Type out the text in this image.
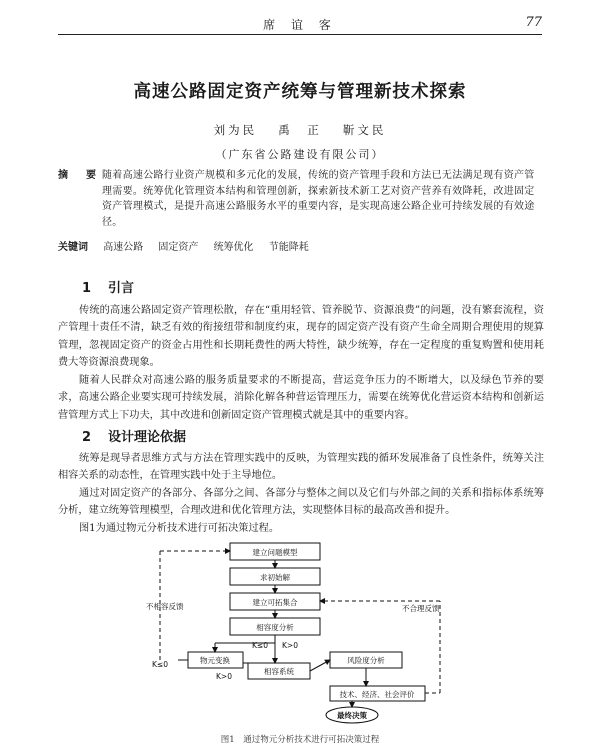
席 谊 客	77
高速公路固定资产统筹与管理新技术探索
刘为民　 禹　正　 靳文民
（广东省公路建设有限公司）
摘　要 随着高速公路行业资产规模和多元化的发展，传统的资产管理手段和方法已无法满足现有资产管理需要。统筹优化管理资本结构和管理创新，探索新技术新工艺对资产营养有效降耗，改进固定资产管理模式，是提升高速公路服务水平的重要内容，是实现高速公路企业可持续发展的有效途径。
关键词 高速公路 固定资产 统筹优化 节能降耗
1 引言

传统的高速公路固定资产管理松散，存在“重用轻管、管养脱节、资源浪费”的问题，没有繁套流程，资产管理十责任不清，缺乏有效的衔接纽带和制度约束，现存的固定资产没有资产生命全周期合理使用的规算管理，忽视固定资产的资金占用性和长期耗费性的两大特性，缺少统筹，存在一定程度的重复购置和使用耗费大等资源浪费现象。

随着人民群众对高速公路的服务质量要求的不断提高，营运竞争压力的不断增大，以及绿色节养的要求，高速公路企业要实现可持续发展，消除化解各种营运管理压力，需要在统筹优化营运资本结构和创新运营管理方式上下功夫，其中改进和创新固定资产管理模式就是其中的重要内容。

2 设计理论依据

统筹是现导者思维方式与方法在管理实践中的反映，为管理实践的循环发展准备了良性条件，统筹关注相容关系的动态性，在管理实践中处于主导地位。

通过对固定资产的各部分、各部分之间、各部分与整体之间以及它们与外部之间的关系和指标体系统筹分析，建立统筹管理模型，合理改进和优化管理方法，实现整体目标的最高改善和提升。

图1为通过物元分析技术进行可拓决策过程。

建立问题模型
求初始解
建立可拓集合
相容度分析
物元变换
相容系统
风险度分析
技术、经济、社会评价
最终决策
不相容反馈	不合理反馈
K≤0
K≤0 K>0
K>0
图1　通过物元分析技术进行可拓决策过程
